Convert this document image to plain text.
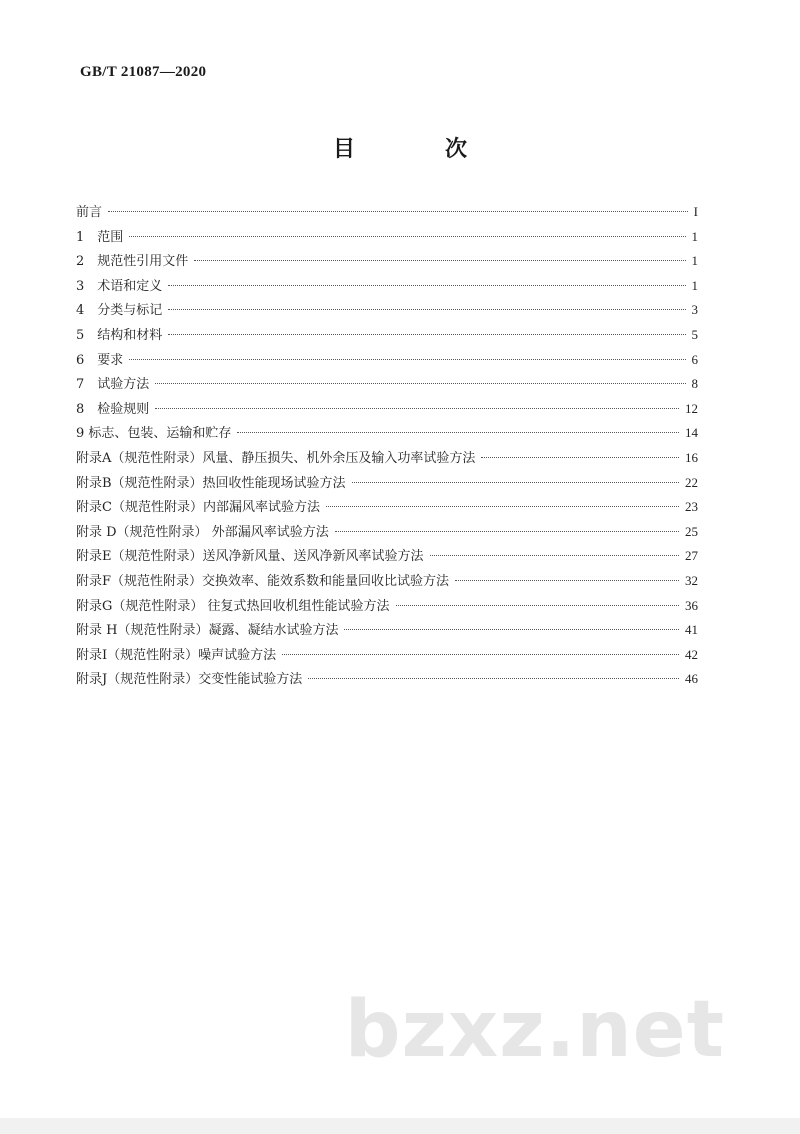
GB/T 21087—2020
目　次
前言	I
1　范围	1
2　规范性引用文件	1
3　术语和定义	1
4　分类与标记	3
5　结构和材料	5
6　要求	6
7　试验方法	8
8　检验规则	12
9 标志、包装、运输和贮存	14
附录A（规范性附录）风量、静压损失、机外余压及输入功率试验方法	16
附录B（规范性附录）热回收性能现场试验方法	22
附录C（规范性附录）内部漏风率试验方法	23
附录 D（规范性附录） 外部漏风率试验方法	25
附录E（规范性附录）送风净新风量、送风净新风率试验方法	27
附录F（规范性附录）交换效率、能效系数和能量回收比试验方法	32
附录G（规范性附录） 往复式热回收机组性能试验方法	36
附录 H（规范性附录）凝露、凝结水试验方法	41
附录I（规范性附录）噪声试验方法	42
附录J（规范性附录）交变性能试验方法	46
bzxz.net
